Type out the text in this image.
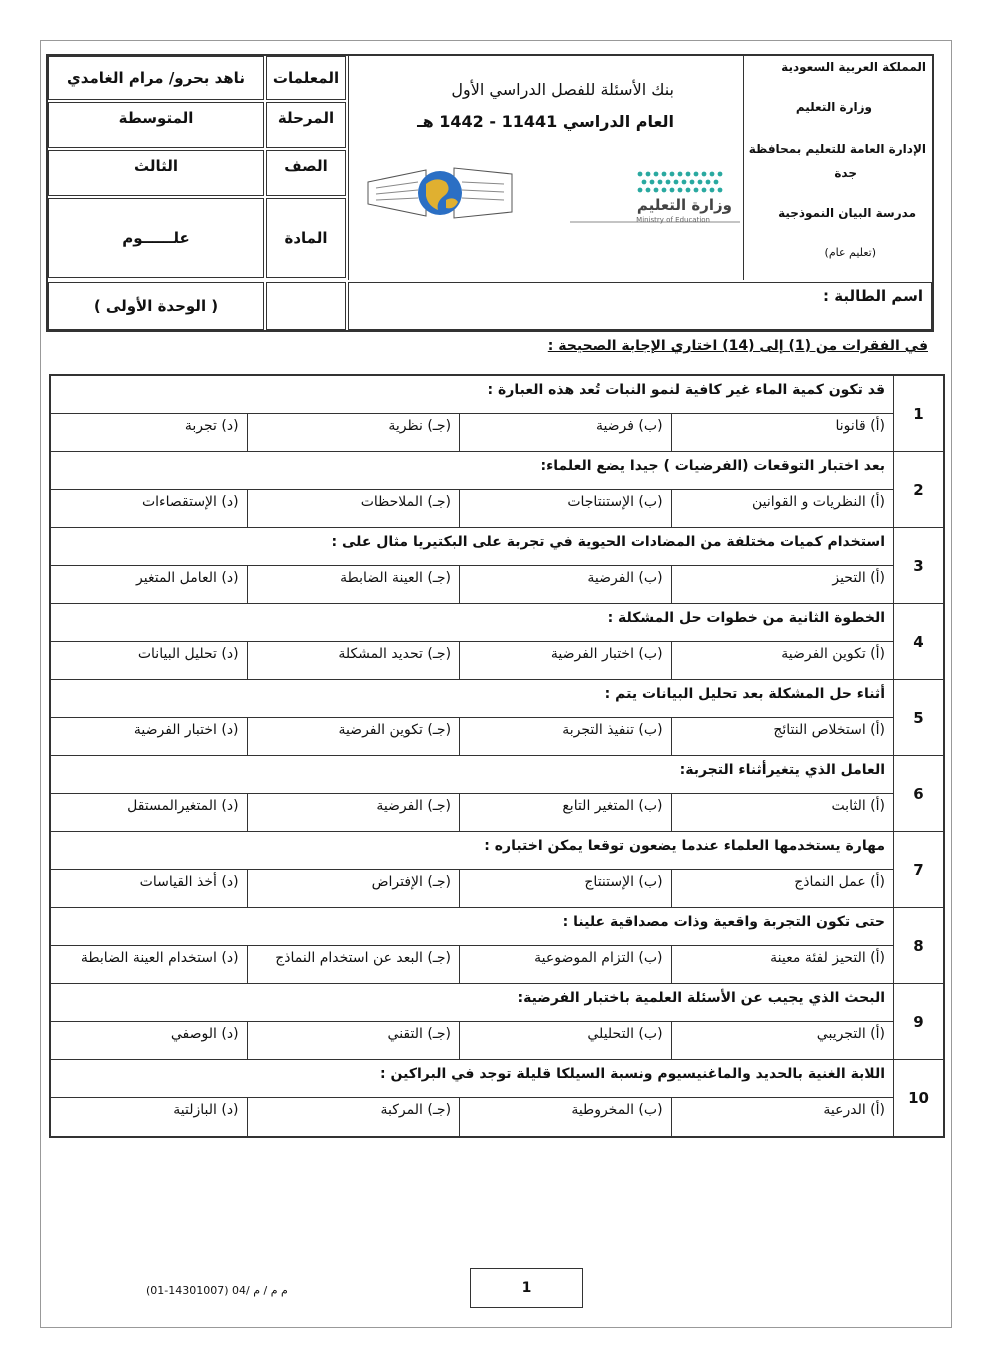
المملكة العربية السعودية
وزارة التعليم
الإدارة العامة للتعليم بمحافظة
جدة
مدرسة البيان النموذجية
(تعليم عام)
بنك الأسئلة للفصل الدراسي الأول
العام الدراسي 11441 - 1442 هـ
وزارة التعليم
Ministry of Education
ناهد بحرو/ مرام الغامدي	المعلمات
المتوسطة	المرحلة
الثالث	الصف
علــــــوم	المادة
( الوحدة الأولى )
اسم الطالبة :
في الفقرات من (1) إلى (14) اختاري الإجابة الصحيحة :
1
قد تكون كمية الماء غير كافية لنمو النبات تُعد هذه العبارة :
(أ) قانونا
(ب) فرضية
(جـ) نظرية
(د) تجربة
2
بعد اختبار التوقعات (الفرضيات ) جيدا يضع العلماء:
(أ) النظريات و القوانين
(ب) الإستنتاجات
(جـ) الملاحظات
(د) الإستقصاءات
3
استخدام كميات مختلفة من المضادات الحيوية في تجربة على البكتيريا مثال على :
(أ) التحيز
(ب) الفرضية
(جـ) العينة الضابطة
(د) العامل المتغير
4
الخطوة الثانية من خطوات حل المشكلة :
(أ) تكوين الفرضية
(ب) اختبار الفرضية
(جـ) تحديد المشكلة
(د) تحليل البيانات
5
أثناء حل المشكلة بعد تحليل البيانات يتم :
(أ) استخلاص النتائج
(ب) تنفيذ التجربة
(جـ) تكوين الفرضية
(د) اختبار الفرضية
6
العامل الذي يتغيرأثناء التجربة:
(أ) الثابت
(ب) المتغير التابع
(جـ) الفرضية
(د) المتغيرالمستقل
7
مهارة يستخدمها العلماء عندما يضعون توقعا يمكن اختباره :
(أ) عمل النماذج
(ب) الإستنتاج
(جـ) الإفتراض
(د) أخذ القياسات
8
حتى تكون التجربة واقعية وذات مصداقية علينا :
(أ) التحيز لفئة معينة
(ب) التزام الموضوعية
(جـ) البعد عن استخدام النماذج
(د) استخدام العينة الضابطة
9
البحث الذي يجيب عن الأسئلة العلمية باختبار الفرضية:
(أ) التجريبي
(ب) التحليلي
(جـ) التقني
(د) الوصفي
10
اللابة الغنية بالحديد والماغنيسيوم ونسبة السيلكا قليلة توجد في البراكين :
(أ) الدرعية
(ب) المخروطية
(جـ) المركبة
(د) البازلتية
1
(01-14301007) 04/ م م / م
